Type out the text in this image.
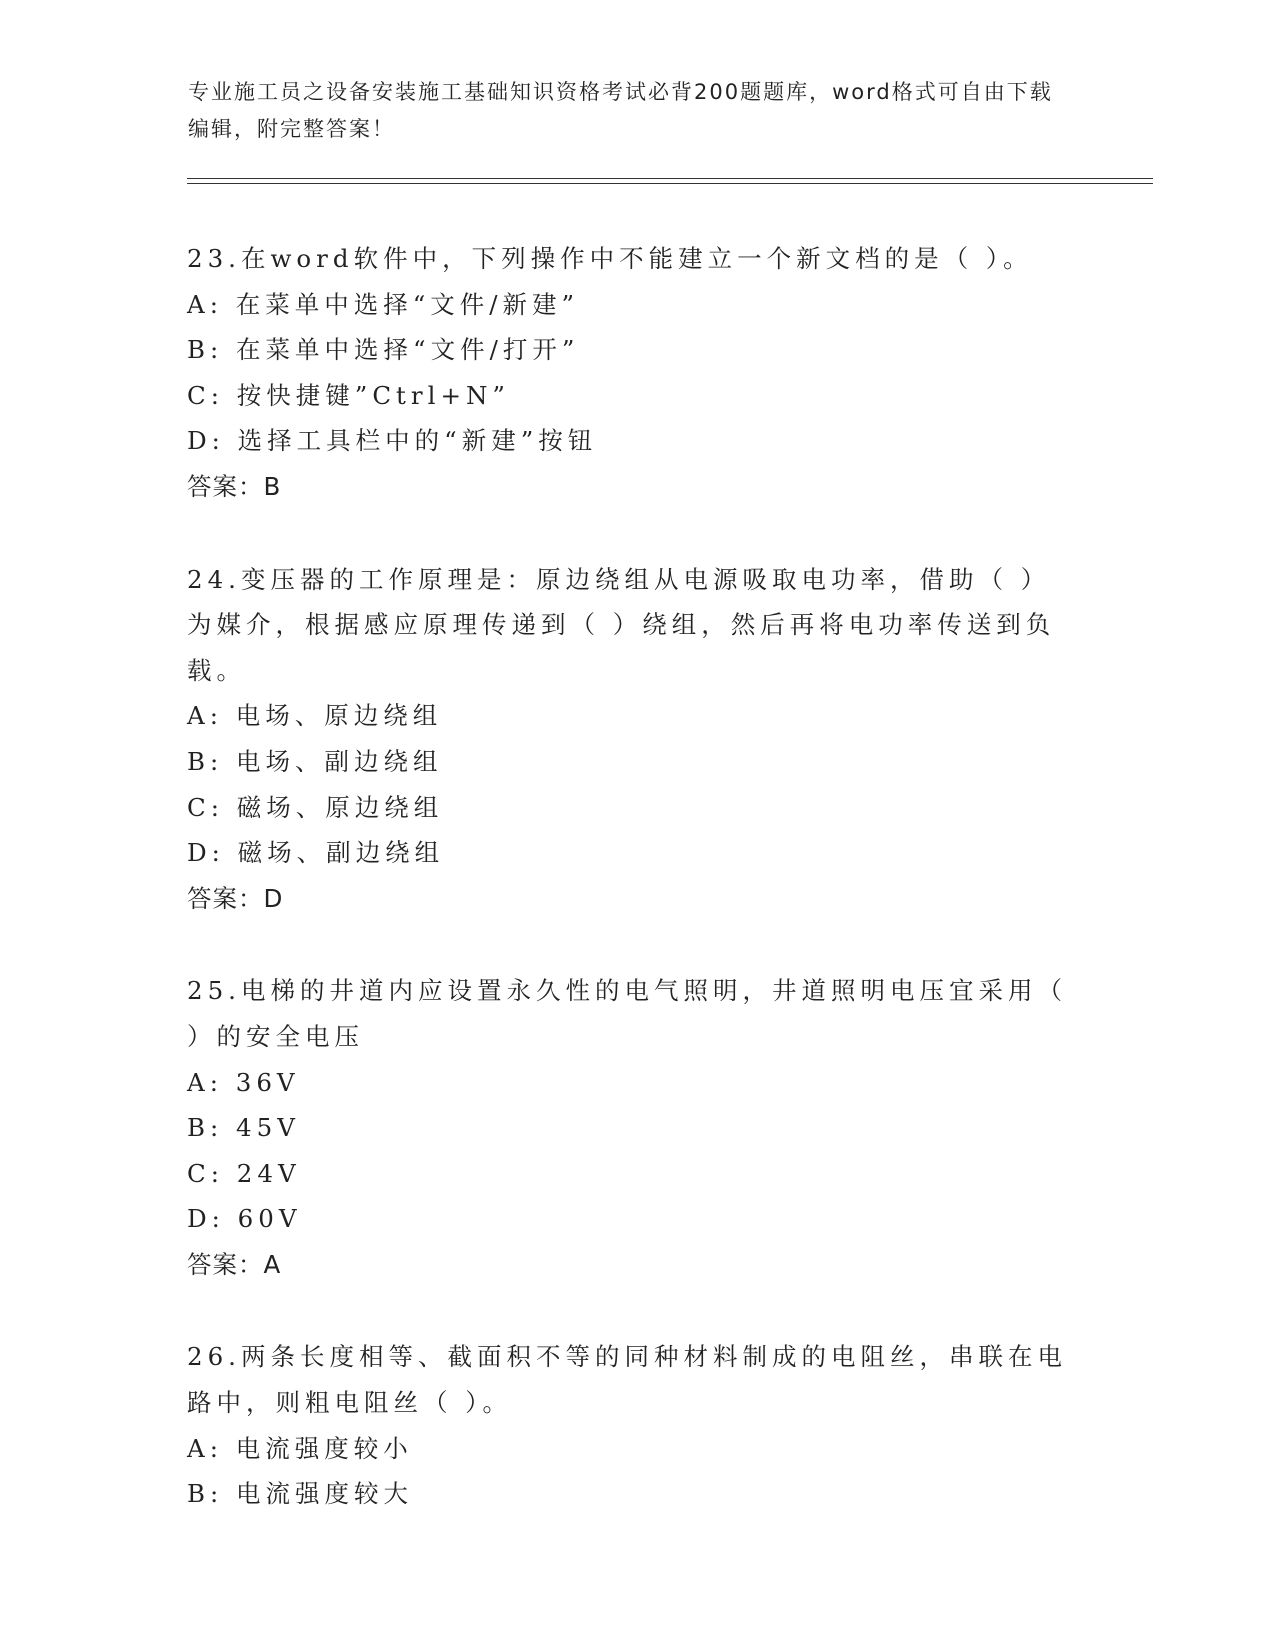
专业施工员之设备安装施工基础知识资格考试必背200题题库，word格式可自由下载编辑，附完整答案！
23.在word软件中，下列操作中不能建立一个新文档的是（ ）。
A: 在菜单中选择“文件/新建”
B: 在菜单中选择“文件/打开”
C: 按快捷键”Ctrl+N”
D: 选择工具栏中的“新建”按钮
答案：B
24.变压器的工作原理是：原边绕组从电源吸取电功率，借助（ ）为媒介，根据感应原理传递到（ ）绕组，然后再将电功率传送到负载。
A: 电场、原边绕组
B: 电场、副边绕组
C: 磁场、原边绕组
D: 磁场、副边绕组
答案：D
25.电梯的井道内应设置永久性的电气照明，井道照明电压宜采用（ ）的安全电压
A: 36V
B: 45V
C: 24V
D: 60V
答案：A
26.两条长度相等、截面积不等的同种材料制成的电阻丝，串联在电路中，则粗电阻丝（ ）。
A: 电流强度较小
B: 电流强度较大
